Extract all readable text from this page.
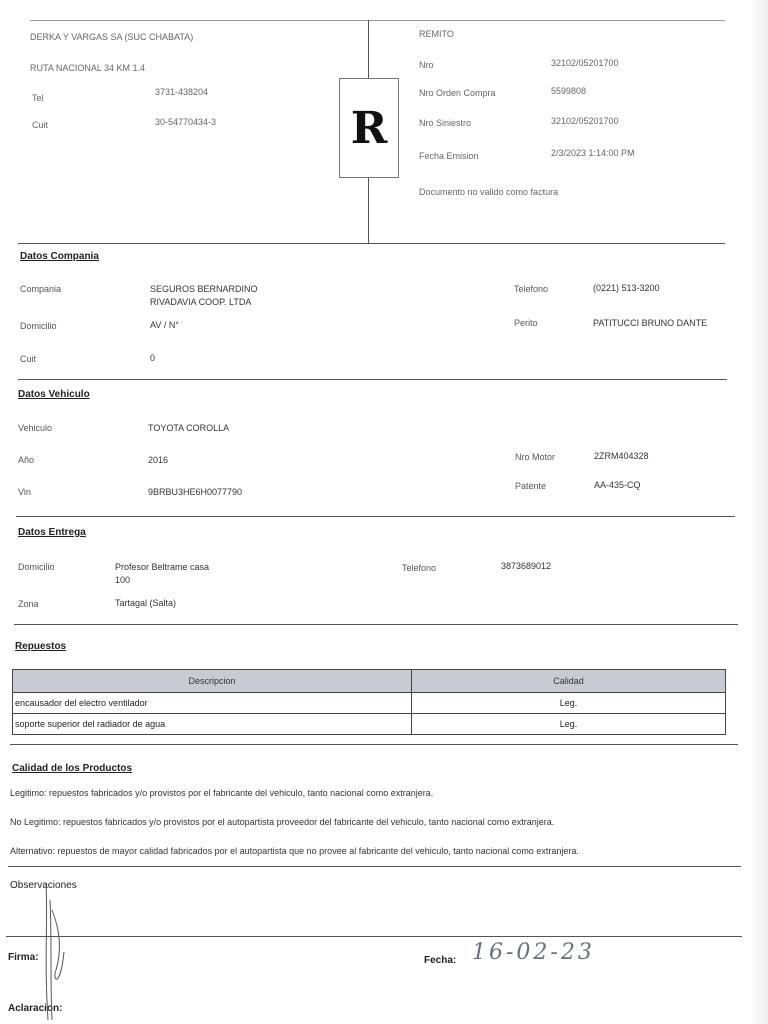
DERKA Y VARGAS SA (SUC CHABATA)
RUTA NACIONAL 34 KM 1.4
Tel
3731-438204
Cuit	30-54770434-3	R
REMITO
Nro	32102/05201700
Nro Orden Compra	5599808
Nro Siniestro	32102/05201700
Fecha Emision	2/3/2023 1:14:00 PM
Documento no valido como factura
Datos Compania
Compania	SEGUROS BERNARDINO
RIVADAVIA COOP. LTDA
Telefono	(0221) 513-3200
Domicilio	AV / N°	Perito	PATITUCCI BRUNO DANTE
Cuit	0
Datos Vehiculo
Vehiculo	TOYOTA COROLLA
Año	2016	Nro Motor	2ZRM404328
Vin	9BRBU3HE6H0077790
Patente	AA-435-CQ
Datos Entrega
Domicilio	Profesor Beltrame casa
100
Telefono	3873689012
Zona	Tartagal (Salta)
Repuestos
Descripcion	Calidad
encausador del electro ventilador	Leg.
soporte superior del radiador de agua	Leg.
Calidad de los Productos
Legitimo: repuestos fabricados y/o provistos por el fabricante del vehiculo, tanto nacional como extranjera.
No Legitimo: repuestos fabricados y/o provistos por el autopartista proveedor del fabricante del vehiculo, tanto nacional como extranjera.
Alternativo: repuestos de mayor calidad fabricados por el autopartista que no provee al fabricante del vehiculo, tanto nacional como extranjera.
Observaciones
Firma:	Fecha: 16-02-23
Aclaracion:
